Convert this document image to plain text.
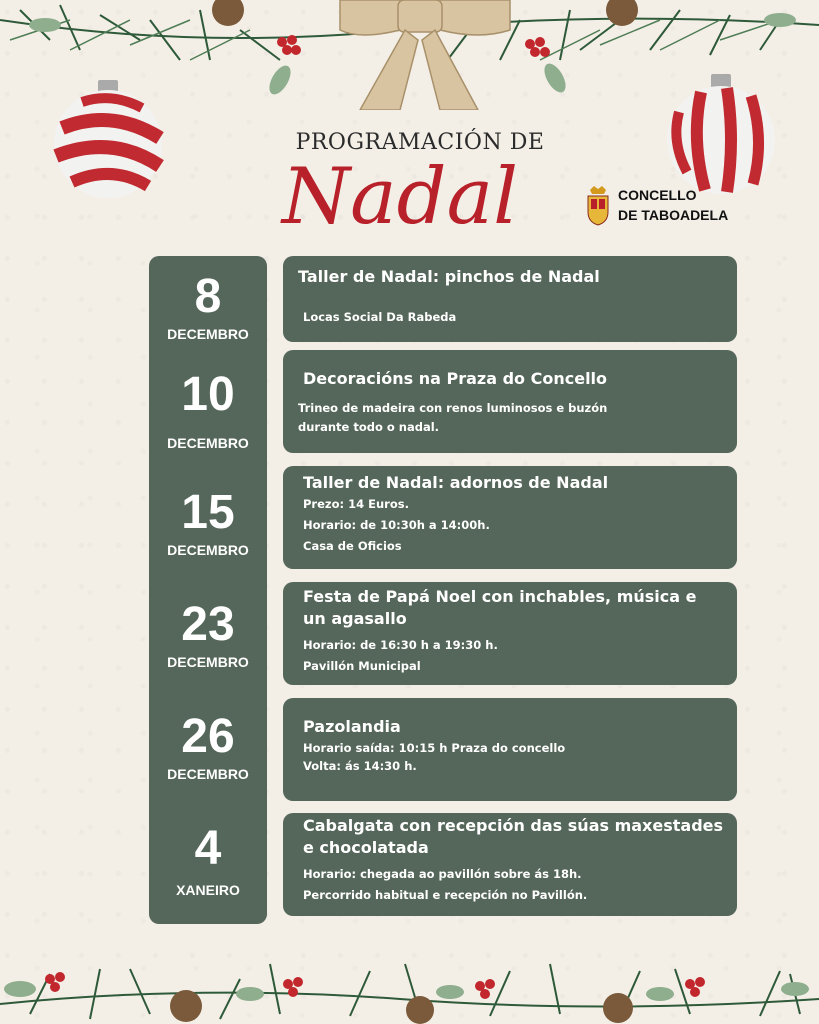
PROGRAMACIÓN DE
Nadal	CONCELLO
DE TABOADELA
8
DECEMBRO
10
DECEMBRO
15
DECEMBRO
23
DECEMBRO
26
DECEMBRO
4
XANEIRO
Taller de Nadal: pinchos de Nadal
Locas Social Da Rabeda
Decoracións na Praza do Concello
Trineo de madeira con renos luminosos e buzón
durante todo o nadal.
Taller de Nadal: adornos de Nadal
Prezo: 14 Euros.
Horario: de 10:30h a 14:00h.
Casa de Oficios
Festa de Papá Noel con inchables, música e un agasallo
Horario: de 16:30 h a 19:30 h.
Pavillón Municipal
Pazolandia
Horario saída: 10:15 h Praza do concello
Volta: ás 14:30 h.
Cabalgata con recepción das súas maxestades e chocolatada
Horario: chegada ao pavillón sobre ás 18h.
Percorrido habitual e recepción no Pavillón.
